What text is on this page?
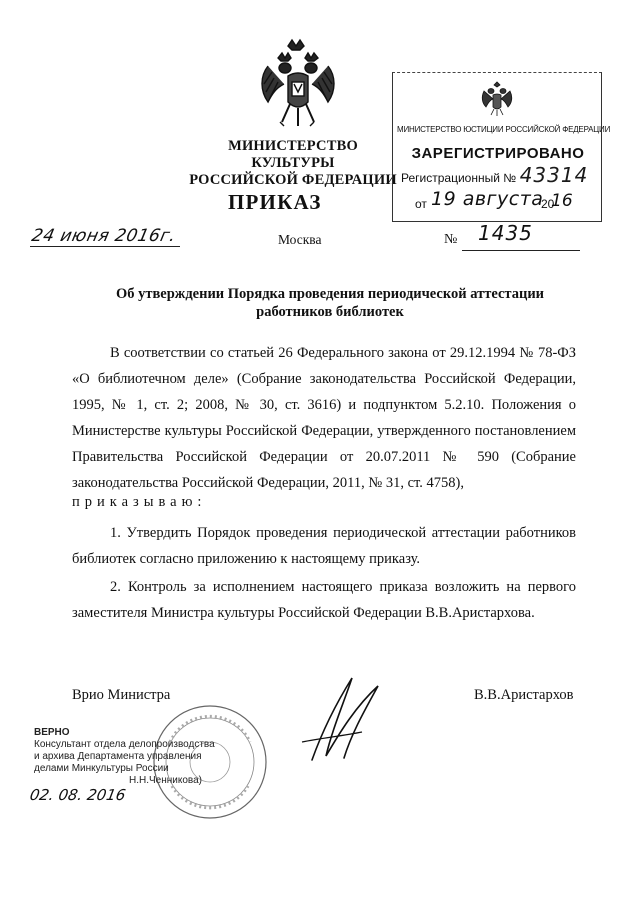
МИНИСТЕРСТВО КУЛЬТУРЫ
РОССИЙСКОЙ ФЕДЕРАЦИИ
МИНИСТЕРСТВО ЮСТИЦИИ РОССИЙСКОЙ ФЕДЕРАЦИИ
ЗАРЕГИСТРИРОВАНО
Регистрационный № 43314
от 19 августа
20
16
ПРИКАЗ
24 июня 2016г.	Москва	№ 1435
Об утверждении Порядка проведения периодической аттестации
работников библиотек
В соответствии со статьей 26 Федерального закона от 29.12.1994 № 78-ФЗ «О библиотечном деле» (Собрание законодательства Российской Федерации, 1995, № 1, ст. 2; 2008, № 30, ст. 3616) и подпунктом 5.2.10. Положения о Министерстве культуры Российской Федерации, утвержденного постановлением Правительства Российской Федерации от 20.07.2011 № 590 (Собрание законодательства Российской Федерации, 2011, № 31, ст. 4758),
приказываю:
1. Утвердить Порядок проведения периодической аттестации работников библиотек согласно приложению к настоящему приказу.
2. Контроль за исполнением настоящего приказа возложить на первого заместителя Министра культуры Российской Федерации В.В.Аристархова.
Врио Министра	В.В.Аристархов
ВЕРНО
Консультант отдела делопроизводства
и архива Департамента управления
делами Минкультуры России
Н.Н.Ченникова)
02. 08. 2016
